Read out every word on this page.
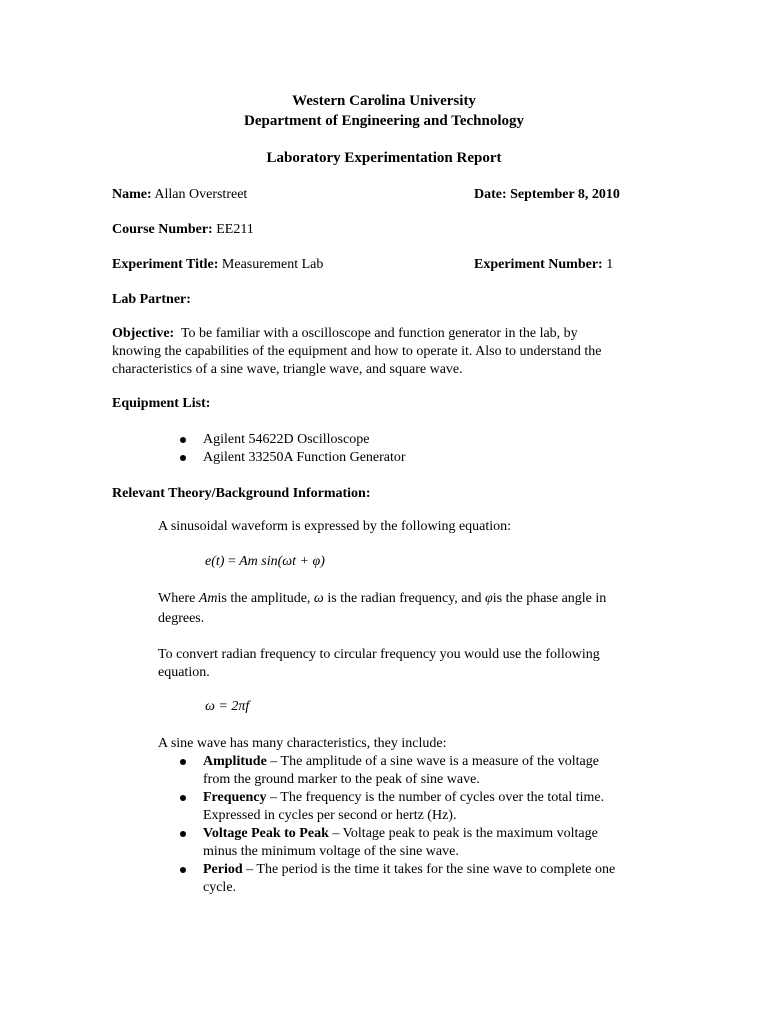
Western Carolina University
Department of Engineering and Technology
Laboratory Experimentation Report
Name: Allan Overstreet	Date: September 8, 2010
Course Number: EE211
Experiment Title: Measurement Lab	Experiment Number: 1
Lab Partner:
Objective: To be familiar with a oscilloscope and function generator in the lab, by
knowing the capabilities of the equipment and how to operate it. Also to understand the
characteristics of a sine wave, triangle wave, and square wave.
Equipment List:
Agilent 54622D Oscilloscope
Agilent 33250A Function Generator
Relevant Theory/Background Information:
A sinusoidal waveform is expressed by the following equation:
e(t) = Am sin(ωt + φ)
Where Amis the amplitude, ω is the radian frequency, and φis the phase angle in
degrees.
To convert radian frequency to circular frequency you would use the following
equation.
ω = 2πf
A sine wave has many characteristics, they include:
Amplitude – The amplitude of a sine wave is a measure of the voltage
from the ground marker to the peak of sine wave.
Frequency – The frequency is the number of cycles over the total time.
Expressed in cycles per second or hertz (Hz).
Voltage Peak to Peak – Voltage peak to peak is the maximum voltage
minus the minimum voltage of the sine wave.
Period – The period is the time it takes for the sine wave to complete one
cycle.
